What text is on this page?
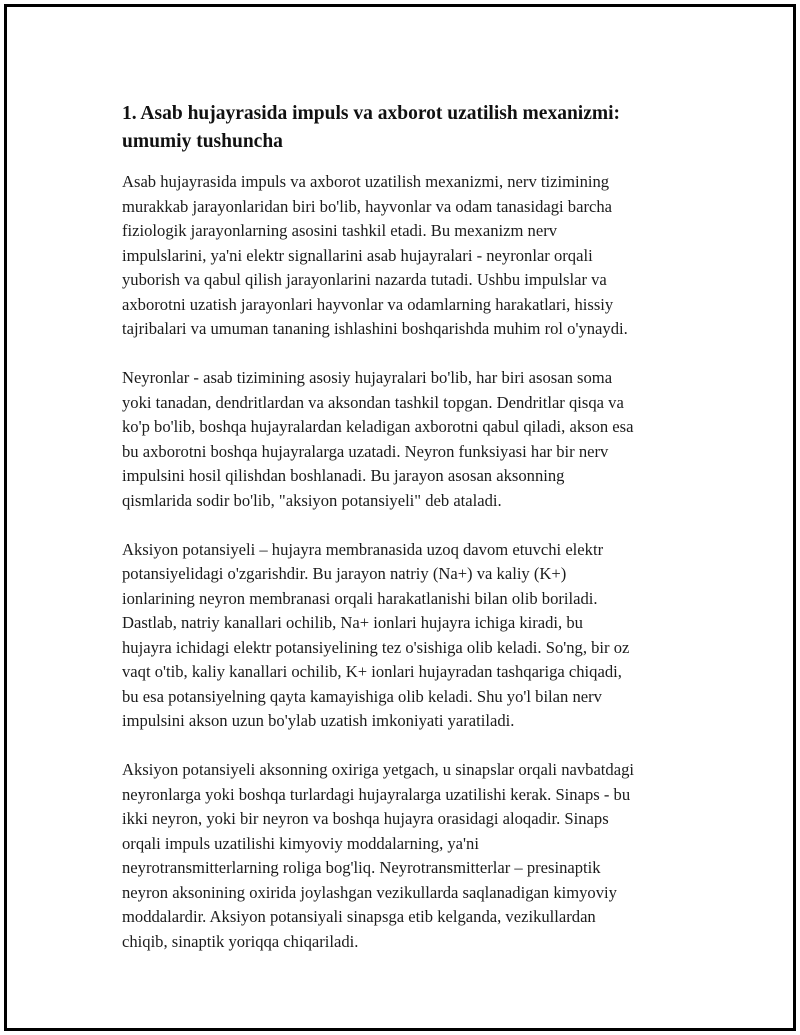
1. Asab hujayrasida impuls va axborot uzatilish mexanizmi:
umumiy tushuncha

Asab hujayrasida impuls va axborot uzatilish mexanizmi, nerv tizimining
murakkab jarayonlaridan biri bo'lib, hayvonlar va odam tanasidagi barcha
fiziologik jarayonlarning asosini tashkil etadi. Bu mexanizm nerv
impulslarini, ya'ni elektr signallarini asab hujayralari - neyronlar orqali
yuborish va qabul qilish jarayonlarini nazarda tutadi. Ushbu impulslar va
axborotni uzatish jarayonlari hayvonlar va odamlarning harakatlari, hissiy
tajribalari va umuman tananing ishlashini boshqarishda muhim rol o'ynaydi.

Neyronlar - asab tizimining asosiy hujayralari bo'lib, har biri asosan soma
yoki tanadan, dendritlardan va aksondan tashkil topgan. Dendritlar qisqa va
ko'p bo'lib, boshqa hujayralardan keladigan axborotni qabul qiladi, akson esa
bu axborotni boshqa hujayralarga uzatadi. Neyron funksiyasi har bir nerv
impulsini hosil qilishdan boshlanadi. Bu jarayon asosan aksonning
qismlarida sodir bo'lib, "aksiyon potansiyeli" deb ataladi.

Aksiyon potansiyeli – hujayra membranasida uzoq davom etuvchi elektr
potansiyelidagi o'zgarishdir. Bu jarayon natriy (Na+) va kaliy (K+)
ionlarining neyron membranasi orqali harakatlanishi bilan olib boriladi.
Dastlab, natriy kanallari ochilib, Na+ ionlari hujayra ichiga kiradi, bu
hujayra ichidagi elektr potansiyelining tez o'sishiga olib keladi. So'ng, bir oz
vaqt o'tib, kaliy kanallari ochilib, K+ ionlari hujayradan tashqariga chiqadi,
bu esa potansiyelning qayta kamayishiga olib keladi. Shu yo'l bilan nerv
impulsini akson uzun bo'ylab uzatish imkoniyati yaratiladi.

Aksiyon potansiyeli aksonning oxiriga yetgach, u sinapslar orqali navbatdagi
neyronlarga yoki boshqa turlardagi hujayralarga uzatilishi kerak. Sinaps - bu
ikki neyron, yoki bir neyron va boshqa hujayra orasidagi aloqadir. Sinaps
orqali impuls uzatilishi kimyoviy moddalarning, ya'ni
neyrotransmitterlarning roliga bog'liq. Neyrotransmitterlar – presinaptik
neyron aksonining oxirida joylashgan vezikullarda saqlanadigan kimyoviy
moddalardir. Aksiyon potansiyali sinapsga etib kelganda, vezikullardan
chiqib, sinaptik yoriqqa chiqariladi.
